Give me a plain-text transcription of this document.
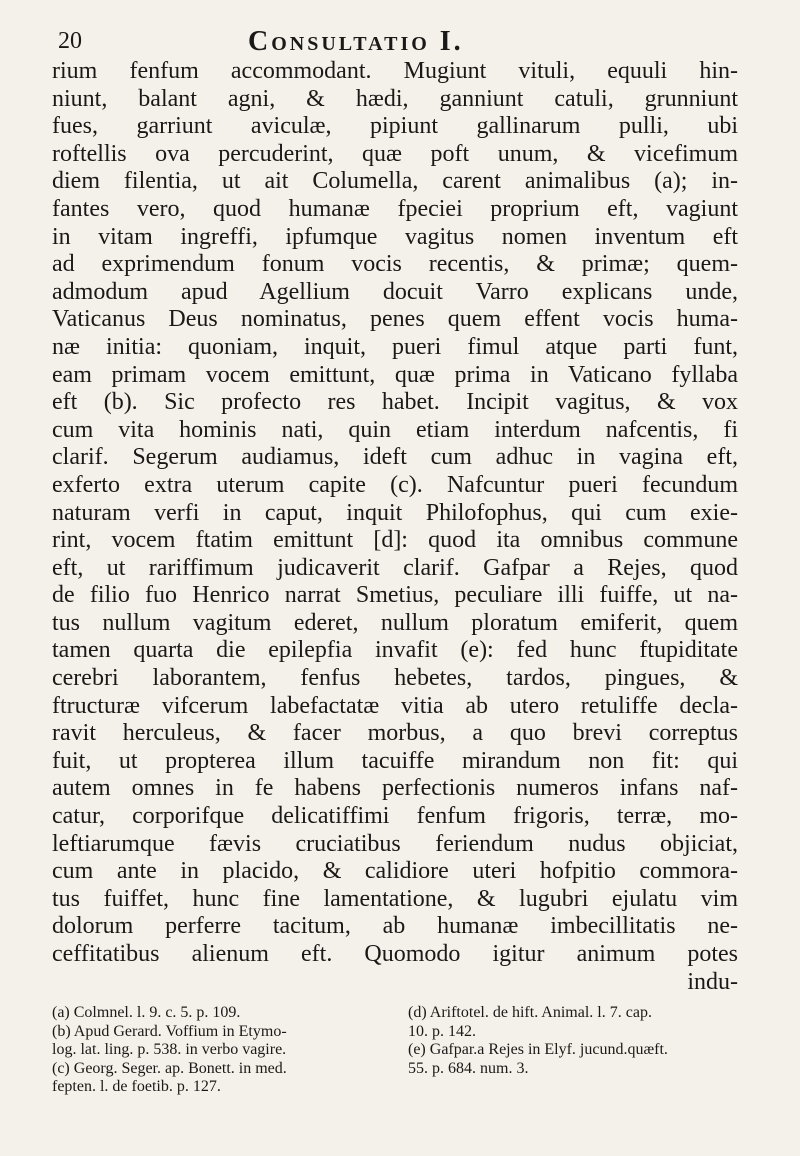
20	Consultatio I.
rium fenfum accommodant. Mugiunt vituli, equuli hin-
niunt, balant agni, & hædi, ganniunt catuli, grunniunt
fues, garriunt aviculæ, pipiunt gallinarum pulli, ubi
roftellis ova percuderint, quæ poft unum, & vicefimum
diem filentia, ut ait Columella, carent animalibus (a); in-
fantes vero, quod humanæ fpeciei proprium eft, vagiunt
in vitam ingreffi, ipfumque vagitus nomen inventum eft
ad exprimendum fonum vocis recentis, & primæ; quem-
admodum apud Agellium docuit Varro explicans unde,
Vaticanus Deus nominatus, penes quem effent vocis huma-
næ initia: quoniam, inquit, pueri fimul atque parti funt,
eam primam vocem emittunt, quæ prima in Vaticano fyllaba
eft (b). Sic profecto res habet. Incipit vagitus, & vox
cum vita hominis nati, quin etiam interdum nafcentis, fi
clarif. Segerum audiamus, ideft cum adhuc in vagina eft,
exferto extra uterum capite (c). Nafcuntur pueri fecundum
naturam verfi in caput, inquit Philofophus, qui cum exie-
rint, vocem ftatim emittunt [d]: quod ita omnibus commune
eft, ut rariffimum judicaverit clarif. Gafpar a Rejes, quod
de filio fuo Henrico narrat Smetius, peculiare illi fuiffe, ut na-
tus nullum vagitum ederet, nullum ploratum emiferit, quem
tamen quarta die epilepfia invafit (e): fed hunc ftupiditate
cerebri laborantem, fenfus hebetes, tardos, pingues, &
ftructuræ vifcerum labefactatæ vitia ab utero retuliffe decla-
ravit herculeus, & facer morbus, a quo brevi correptus
fuit, ut propterea illum tacuiffe mirandum non fit: qui
autem omnes in fe habens perfectionis numeros infans naf-
catur, corporifque delicatiffimi fenfum frigoris, terræ, mo-
leftiarumque fævis cruciatibus feriendum nudus objiciat,
cum ante in placido, & calidiore uteri hofpitio commora-
tus fuiffet, hunc fine lamentatione, & lugubri ejulatu vim
dolorum perferre tacitum, ab humanæ imbecillitatis ne-
ceffitatibus alienum eft. Quomodo igitur animum potes
indu-
(a) Colmnel. l. 9. c. 5. p. 109.
(b) Apud Gerard. Voffium in Etymo-
log. lat. ling. p. 538. in verbo vagire.
(c) Georg. Seger. ap. Bonett. in med.
fepten. l. de foetib. p. 127.
(d) Ariftotel. de hift. Animal. l. 7. cap.
10. p. 142.
(e) Gafpar.a Rejes in Elyf. jucund.quæft.
55. p. 684. num. 3.
